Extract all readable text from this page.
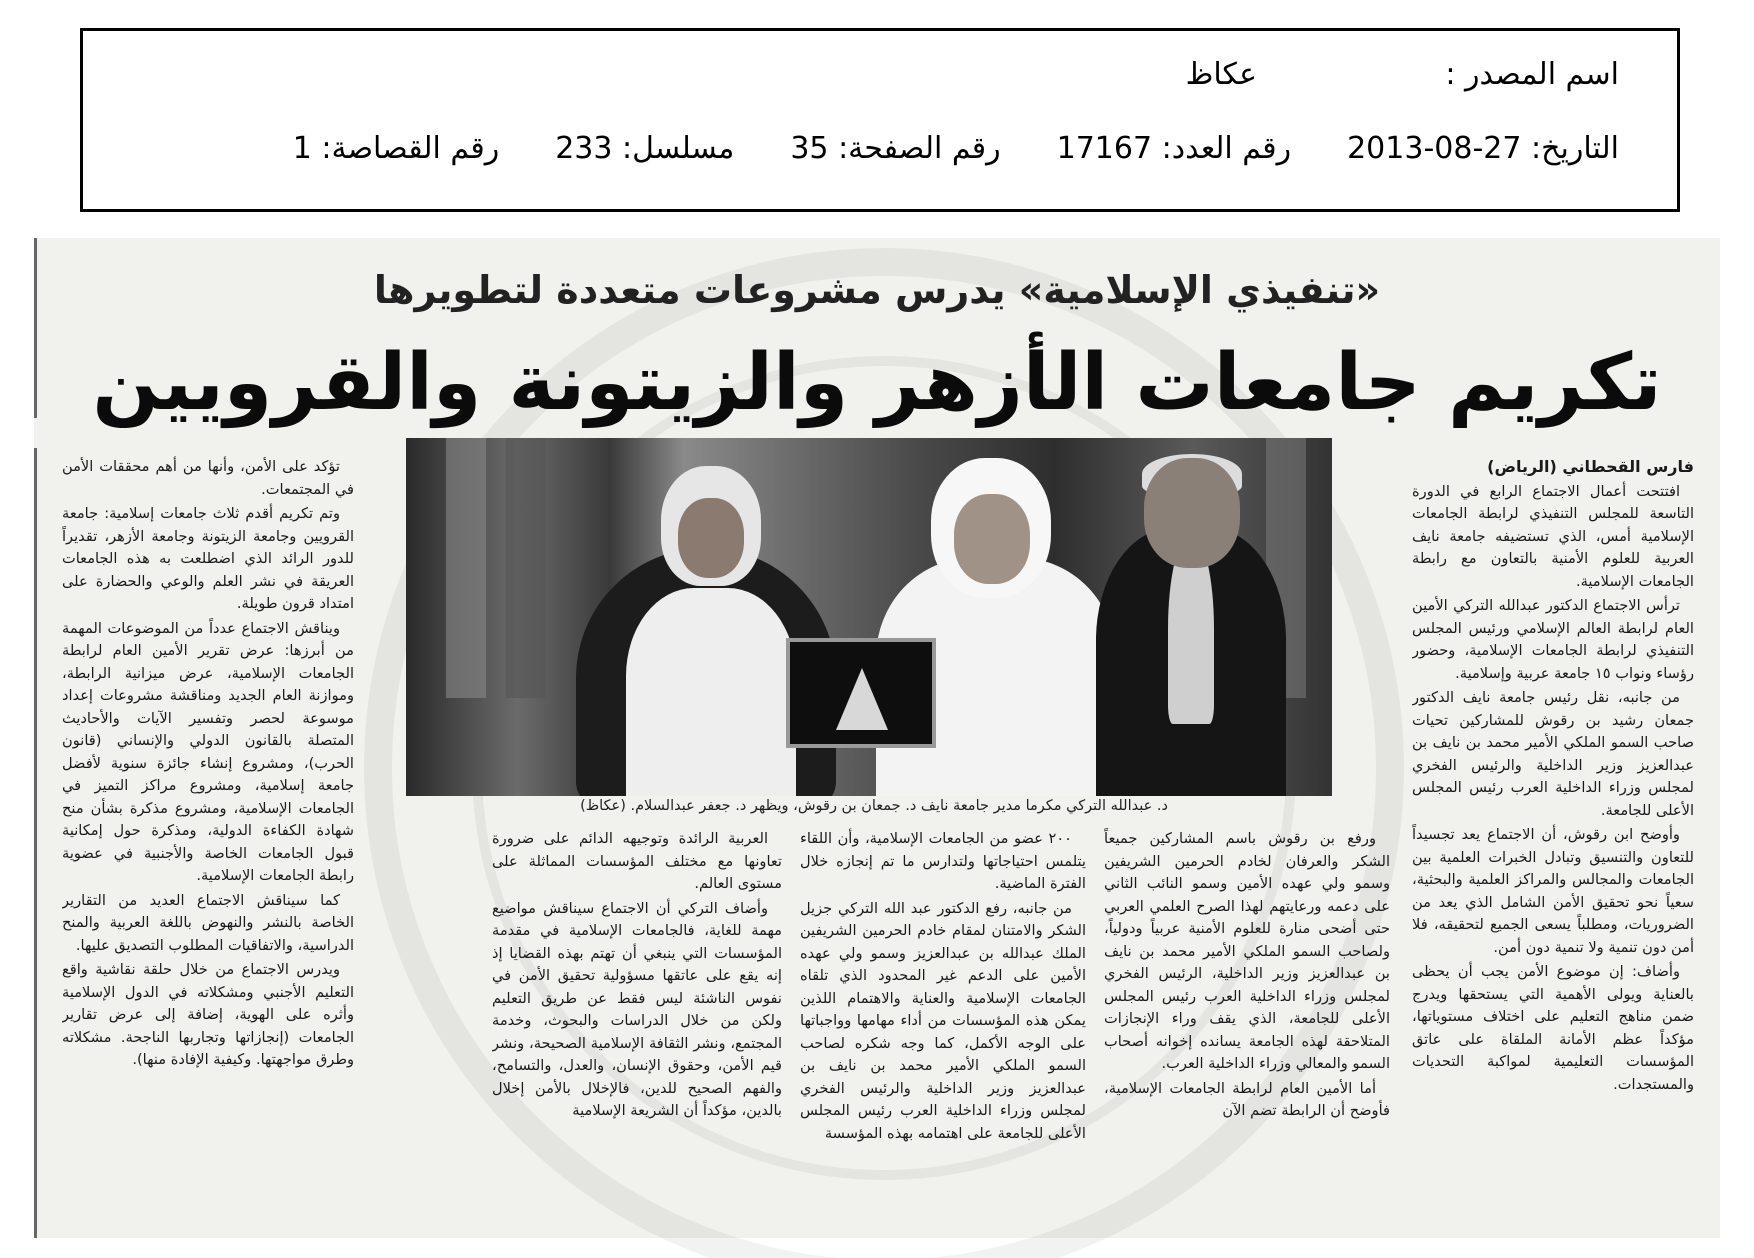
اسم المصدر :
عكاظ
التاريخ: 27-08-2013
رقم العدد: 17167
رقم الصفحة: 35
مسلسل: 233
رقم القصاصة: 1
«تنفيذي الإسلامية» يدرس مشروعات متعددة لتطويرها
تكريم جامعات الأزهر والزيتونة والقرويين

فارس القحطاني (الرياض)

افتتحت أعمال الاجتماع الرابع في الدورة التاسعة للمجلس التنفيذي لرابطة الجامعات الإسلامية أمس، الذي تستضيفه جامعة نايف العربية للعلوم الأمنية بالتعاون مع رابطة الجامعات الإسلامية.

ترأس الاجتماع الدكتور عبدالله التركي الأمين العام لرابطة العالم الإسلامي ورئيس المجلس التنفيذي لرابطة الجامعات الإسلامية، وحضور رؤساء ونواب ١٥ جامعة عربية وإسلامية.

من جانبه، نقل رئيس جامعة نايف الدكتور جمعان رشيد بن رقوش للمشاركين تحيات صاحب السمو الملكي الأمير محمد بن نايف بن عبدالعزيز وزير الداخلية والرئيس الفخري لمجلس وزراء الداخلية العرب رئيس المجلس الأعلى للجامعة.

وأوضح ابن رقوش، أن الاجتماع يعد تجسيداً للتعاون والتنسيق وتبادل الخبرات العلمية بين الجامعات والمجالس والمراكز العلمية والبحثية، سعياً نحو تحقيق الأمن الشامل الذي يعد من الضروريات، ومطلباً يسعى الجميع لتحقيقه، فلا أمن دون تنمية ولا تنمية دون أمن.

وأضاف: إن موضوع الأمن يجب أن يحظى بالعناية ويولى الأهمية التي يستحقها ويدرج ضمن مناهج التعليم على اختلاف مستوياتها، مؤكداً عظم الأمانة الملقاة على عاتق المؤسسات التعليمية لمواكبة التحديات والمستجدات.

د. عبدالله التركي مكرما مدير جامعة نايف د. جمعان بن رقوش، ويظهر د. جعفر عبدالسلام. (عكاظ)

ورفع بن رقوش باسم المشاركين جميعاً الشكر والعرفان لخادم الحرمين الشريفين وسمو ولي عهده الأمين وسمو النائب الثاني على دعمه ورعايتهم لهذا الصرح العلمي العربي حتى أضحى منارة للعلوم الأمنية عربياً ودولياً، ولصاحب السمو الملكي الأمير محمد بن نايف بن عبدالعزيز وزير الداخلية، الرئيس الفخري لمجلس وزراء الداخلية العرب رئيس المجلس الأعلى للجامعة، الذي يقف وراء الإنجازات المتلاحقة لهذه الجامعة يسانده إخوانه أصحاب السمو والمعالي وزراء الداخلية العرب.

أما الأمين العام لرابطة الجامعات الإسلامية، فأوضح أن الرابطة تضم الآن

٢٠٠ عضو من الجامعات الإسلامية، وأن اللقاء يتلمس احتياجاتها ولتدارس ما تم إنجازه خلال الفترة الماضية.

من جانبه، رفع الدكتور عبد الله التركي جزيل الشكر والامتنان لمقام خادم الحرمين الشريفين الملك عبدالله بن عبدالعزيز وسمو ولي عهده الأمين على الدعم غير المحدود الذي تلقاه الجامعات الإسلامية والعناية والاهتمام اللذين يمكن هذه المؤسسات من أداء مهامها وواجباتها على الوجه الأكمل، كما وجه شكره لصاحب السمو الملكي الأمير محمد بن نايف بن عبدالعزيز وزير الداخلية والرئيس الفخري لمجلس وزراء الداخلية العرب رئيس المجلس الأعلى للجامعة على اهتمامه بهذه المؤسسة

العربية الرائدة وتوجيهه الدائم على ضرورة تعاونها مع مختلف المؤسسات المماثلة على مستوى العالم.

وأضاف التركي أن الاجتماع سيناقش مواضيع مهمة للغاية، فالجامعات الإسلامية في مقدمة المؤسسات التي ينبغي أن تهتم بهذه القضايا إذ إنه يقع على عاتقها مسؤولية تحقيق الأمن في نفوس الناشئة ليس فقط عن طريق التعليم ولكن من خلال الدراسات والبحوث، وخدمة المجتمع، ونشر الثقافة الإسلامية الصحيحة، ونشر قيم الأمن، وحقوق الإنسان، والعدل، والتسامح، والفهم الصحيح للدين، فالإخلال بالأمن إخلال بالدين، مؤكداً أن الشريعة الإسلامية

تؤكد على الأمن، وأنها من أهم محققات الأمن في المجتمعات.

وتم تكريم أقدم ثلاث جامعات إسلامية: جامعة القرويين وجامعة الزيتونة وجامعة الأزهر، تقديراً للدور الرائد الذي اضطلعت به هذه الجامعات العريقة في نشر العلم والوعي والحضارة على امتداد قرون طويلة.

ويناقش الاجتماع عدداً من الموضوعات المهمة من أبرزها: عرض تقرير الأمين العام لرابطة الجامعات الإسلامية، عرض ميزانية الرابطة، وموازنة العام الجديد ومناقشة مشروعات إعداد موسوعة لحصر وتفسير الآيات والأحاديث المتصلة بالقانون الدولي والإنساني (قانون الحرب)، ومشروع إنشاء جائزة سنوية لأفضل جامعة إسلامية، ومشروع مراكز التميز في الجامعات الإسلامية، ومشروع مذكرة بشأن منح شهادة الكفاءة الدولية، ومذكرة حول إمكانية قبول الجامعات الخاصة والأجنبية في عضوية رابطة الجامعات الإسلامية.

كما سيناقش الاجتماع العديد من التقارير الخاصة بالنشر والنهوض باللغة العربية والمنح الدراسية، والاتفاقيات المطلوب التصديق عليها.

ويدرس الاجتماع من خلال حلقة نقاشية واقع التعليم الأجنبي ومشكلاته في الدول الإسلامية وأثره على الهوية، إضافة إلى عرض تقارير الجامعات (إنجازاتها وتجاربها الناجحة. مشكلاته وطرق مواجهتها. وكيفية الإفادة منها).
